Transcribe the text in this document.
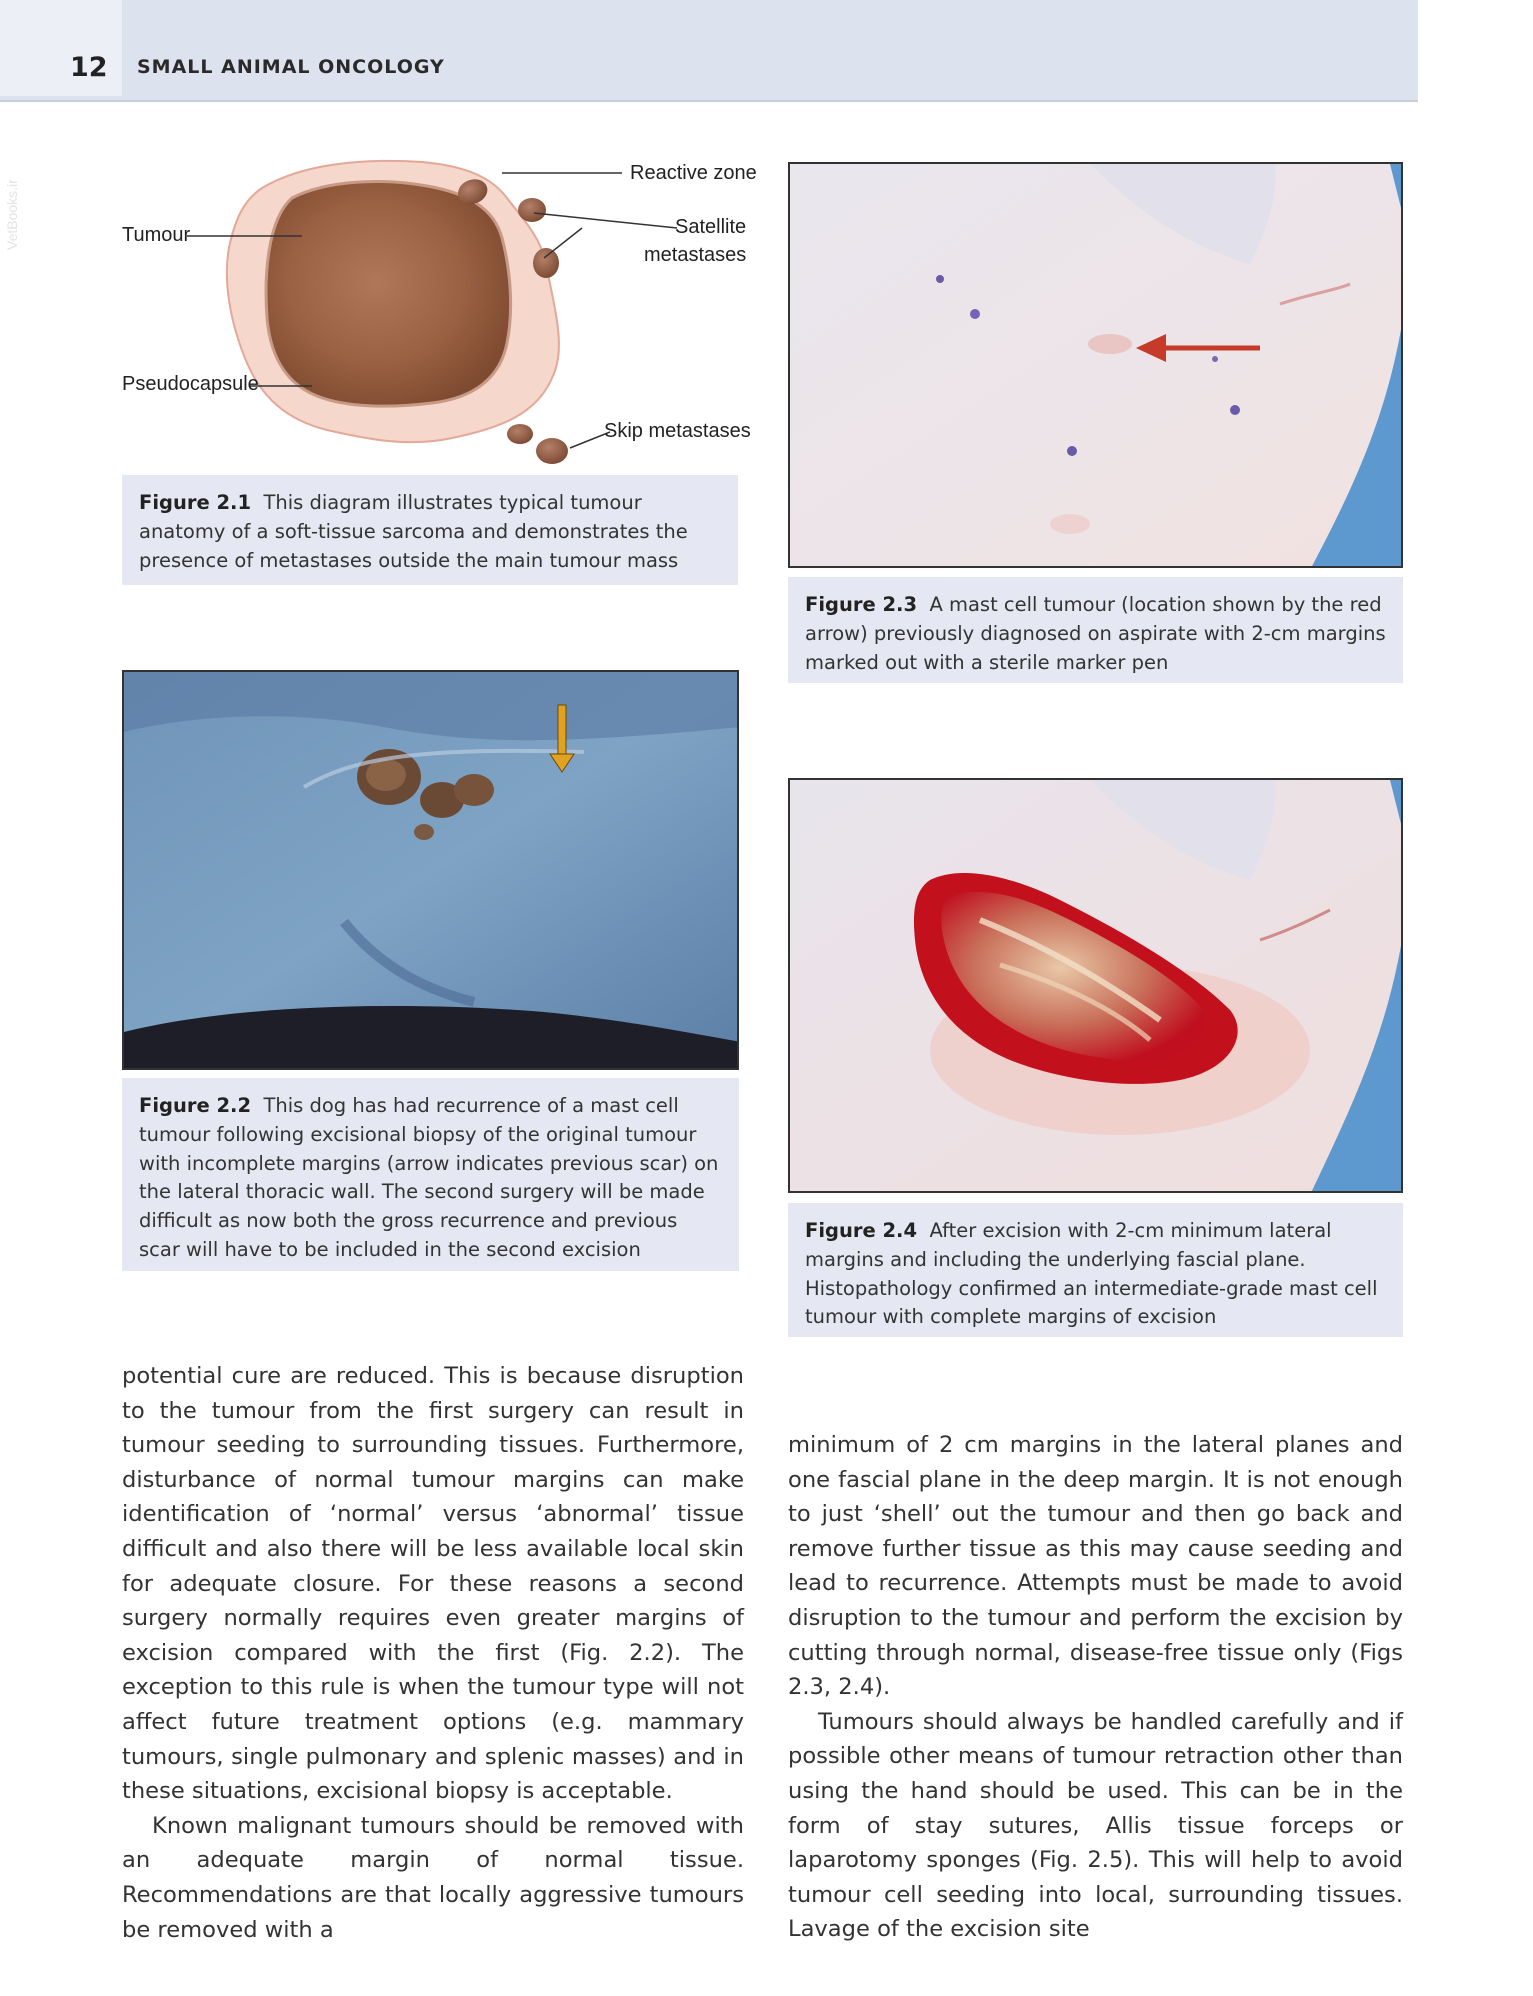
12 SMALL ANIMAL ONCOLOGY
VetBooks.ir
Reactive zone
Tumour	Satellite
metastases
Pseudocapsule
Skip metastases
Figure 2.1 This diagram illustrates typical tumour anatomy of a soft-tissue sarcoma and demonstrates the presence of metastases outside the main tumour mass
Figure 2.3 A mast cell tumour (location shown by the red arrow) previously diagnosed on aspirate with 2-cm margins marked out with a sterile marker pen
Figure 2.2 This dog has had recurrence of a mast cell tumour following excisional biopsy of the original tumour with incomplete margins (arrow indicates previous scar) on the lateral thoracic wall. The second surgery will be made difficult as now both the gross recurrence and previous scar will have to be included in the second excision
Figure 2.4 After excision with 2-cm minimum lateral margins and including the underlying fascial plane. Histopathology confirmed an intermediate-grade mast cell tumour with complete margins of excision

potential cure are reduced. This is because disruption to the tumour from the first surgery can result in tumour seeding to surrounding tissues. Furthermore, disturbance of normal tumour margins can make identification of ‘normal’ versus ‘abnormal’ tissue difficult and also there will be less available local skin for adequate closure. For these reasons a second surgery normally requires even greater margins of excision compared with the first (Fig. 2.2). The exception to this rule is when the tumour type will not affect future treatment options (e.g. mammary tumours, single pulmonary and splenic masses) and in these situations, excisional biopsy is acceptable.

Known malignant tumours should be removed with an adequate margin of normal tissue. Recommendations are that locally aggressive tumours be removed with a

minimum of 2 cm margins in the lateral planes and one fascial plane in the deep margin. It is not enough to just ‘shell’ out the tumour and then go back and remove further tissue as this may cause seeding and lead to recurrence. Attempts must be made to avoid disruption to the tumour and perform the excision by cutting through normal, disease-free tissue only (Figs 2.3, 2.4).

Tumours should always be handled carefully and if possible other means of tumour retraction other than using the hand should be used. This can be in the form of stay sutures, Allis tissue forceps or laparotomy sponges (Fig. 2.5). This will help to avoid tumour cell seeding into local, surrounding tissues. Lavage of the excision site
